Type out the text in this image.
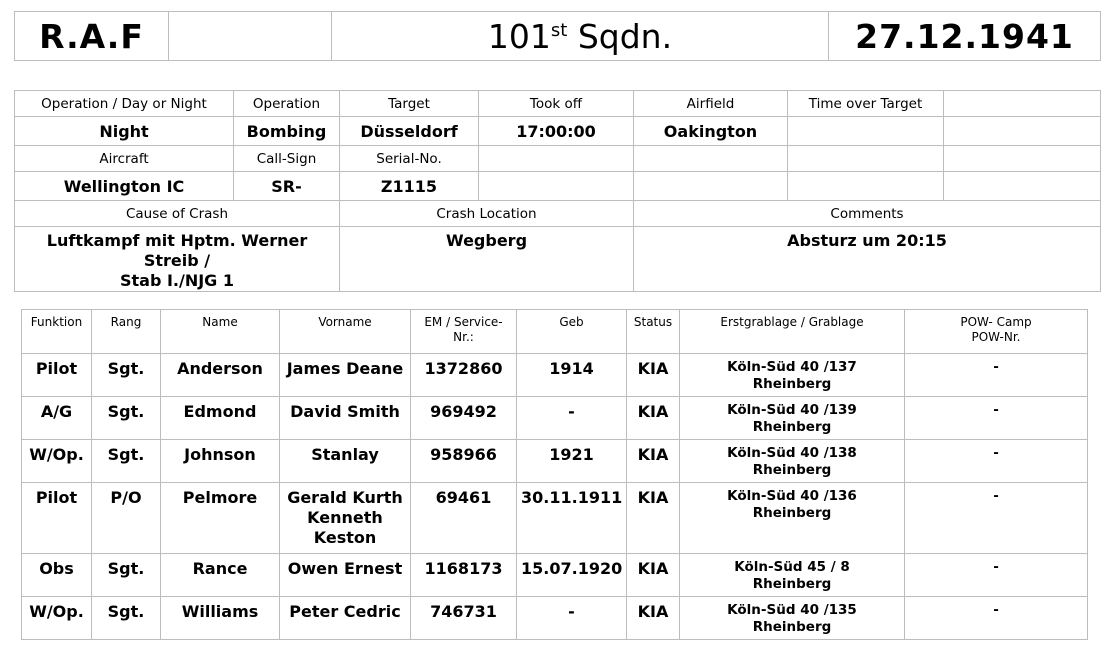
R.A.F		101st Sqdn.	27.12.1941
Operation / Day or Night	Operation	Target	Took off	Airfield	Time over Target	
Night	Bombing	Düsseldorf	17:00:00	Oakington		
Aircraft	Call-Sign	Serial-No.				
Wellington IC	SR-	Z1115				
Cause of Crash		Crash Location		Comments		
Luftkampf mit Hptm. Werner Streib /
Stab I./NJG 1		Wegberg		Absturz um 20:15		
Funktion	Rang	Name	Vorname	EM / Service-
Nr.:	Geb	Status	Erstgrablage / Grablage	POW- Camp
POW-Nr.
Pilot	Sgt.	Anderson	James Deane	1372860	1914	KIA	Köln-Süd 40 /137
Rheinberg	-
A/G	Sgt.	Edmond	David Smith	969492	-	KIA	Köln-Süd 40 /139
Rheinberg	-
W/Op.	Sgt.	Johnson	Stanlay	958966	1921	KIA	Köln-Süd 40 /138
Rheinberg	-
Pilot	P/O	Pelmore	Gerald Kurth
Kenneth
Keston	69461	30.11.1911	KIA	Köln-Süd 40 /136
Rheinberg	-
Obs	Sgt.	Rance	Owen Ernest	1168173	15.07.1920	KIA	Köln-Süd 45 / 8
Rheinberg	-
W/Op.	Sgt.	Williams	Peter Cedric	746731	-	KIA	Köln-Süd 40 /135
Rheinberg	-
